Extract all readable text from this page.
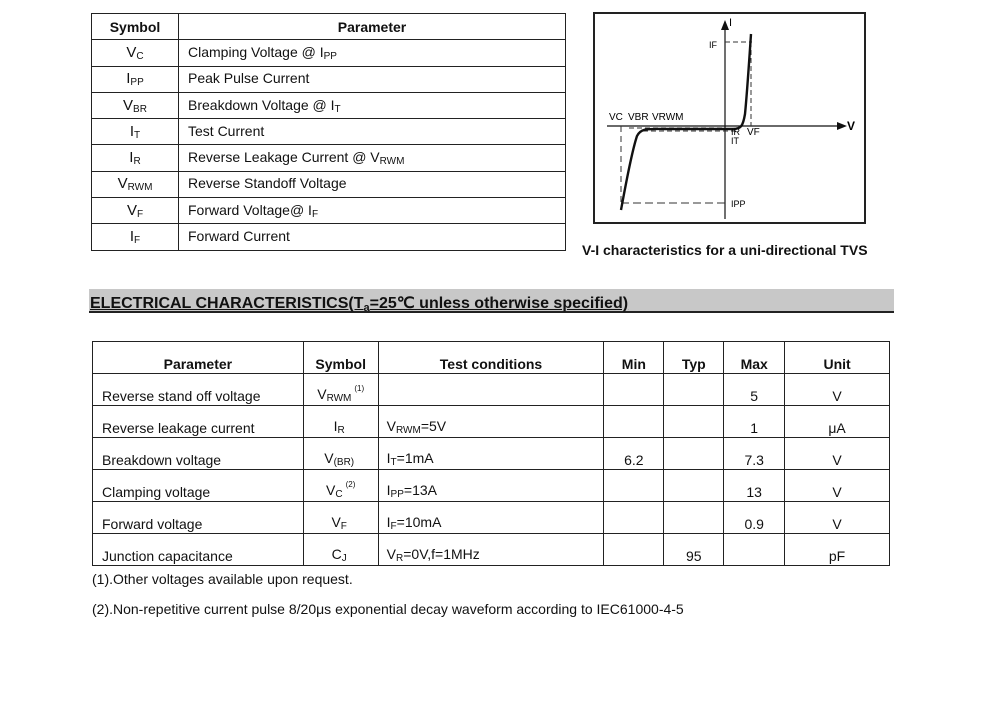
Symbol	Parameter
$V_C$	Clamping Voltage @ $I_{PP}$
$I_{PP}$	Peak Pulse Current
$V_{BR}$	Breakdown Voltage @ $I_T$
$I_T$	Test Current
$I_R$	Reverse Leakage Current @ $V_{RWM}$
$V_{RWM}$	Reverse Standoff Voltage
$V_F$	Forward Voltage@ $I_F$
$I_F$	Forward Current
I
V
IF
VC VBR VRWM
IR
IT
VF
IPP
V-I characteristics for a uni-directional TVS
ELECTRICAL CHARACTERISTICS(Ta=25℃ unless otherwise specified)
Parameter	Symbol	Test conditions	Min	Typ	Max	Unit
Reverse stand off voltage	$V_{RWM}^{(1)}$				5	V
Reverse leakage current	$I_R$	$V_{RWM}=5V$			1	μA
Breakdown voltage	$V_{(BR)}$	$I_T=1mA$	6.2		7.3	V
Clamping voltage	$V_C^{(2)}$	$I_{PP}=13A$			13	V
Forward voltage	$V_F$	$I_F=10mA$			0.9	V
Junction capacitance	$C_J$	$V_R=0V,f=1MHz$		95		pF
(1).Other voltages available upon request.
(2).Non-repetitive current pulse 8/20μs exponential decay waveform according to IEC61000-4-5
